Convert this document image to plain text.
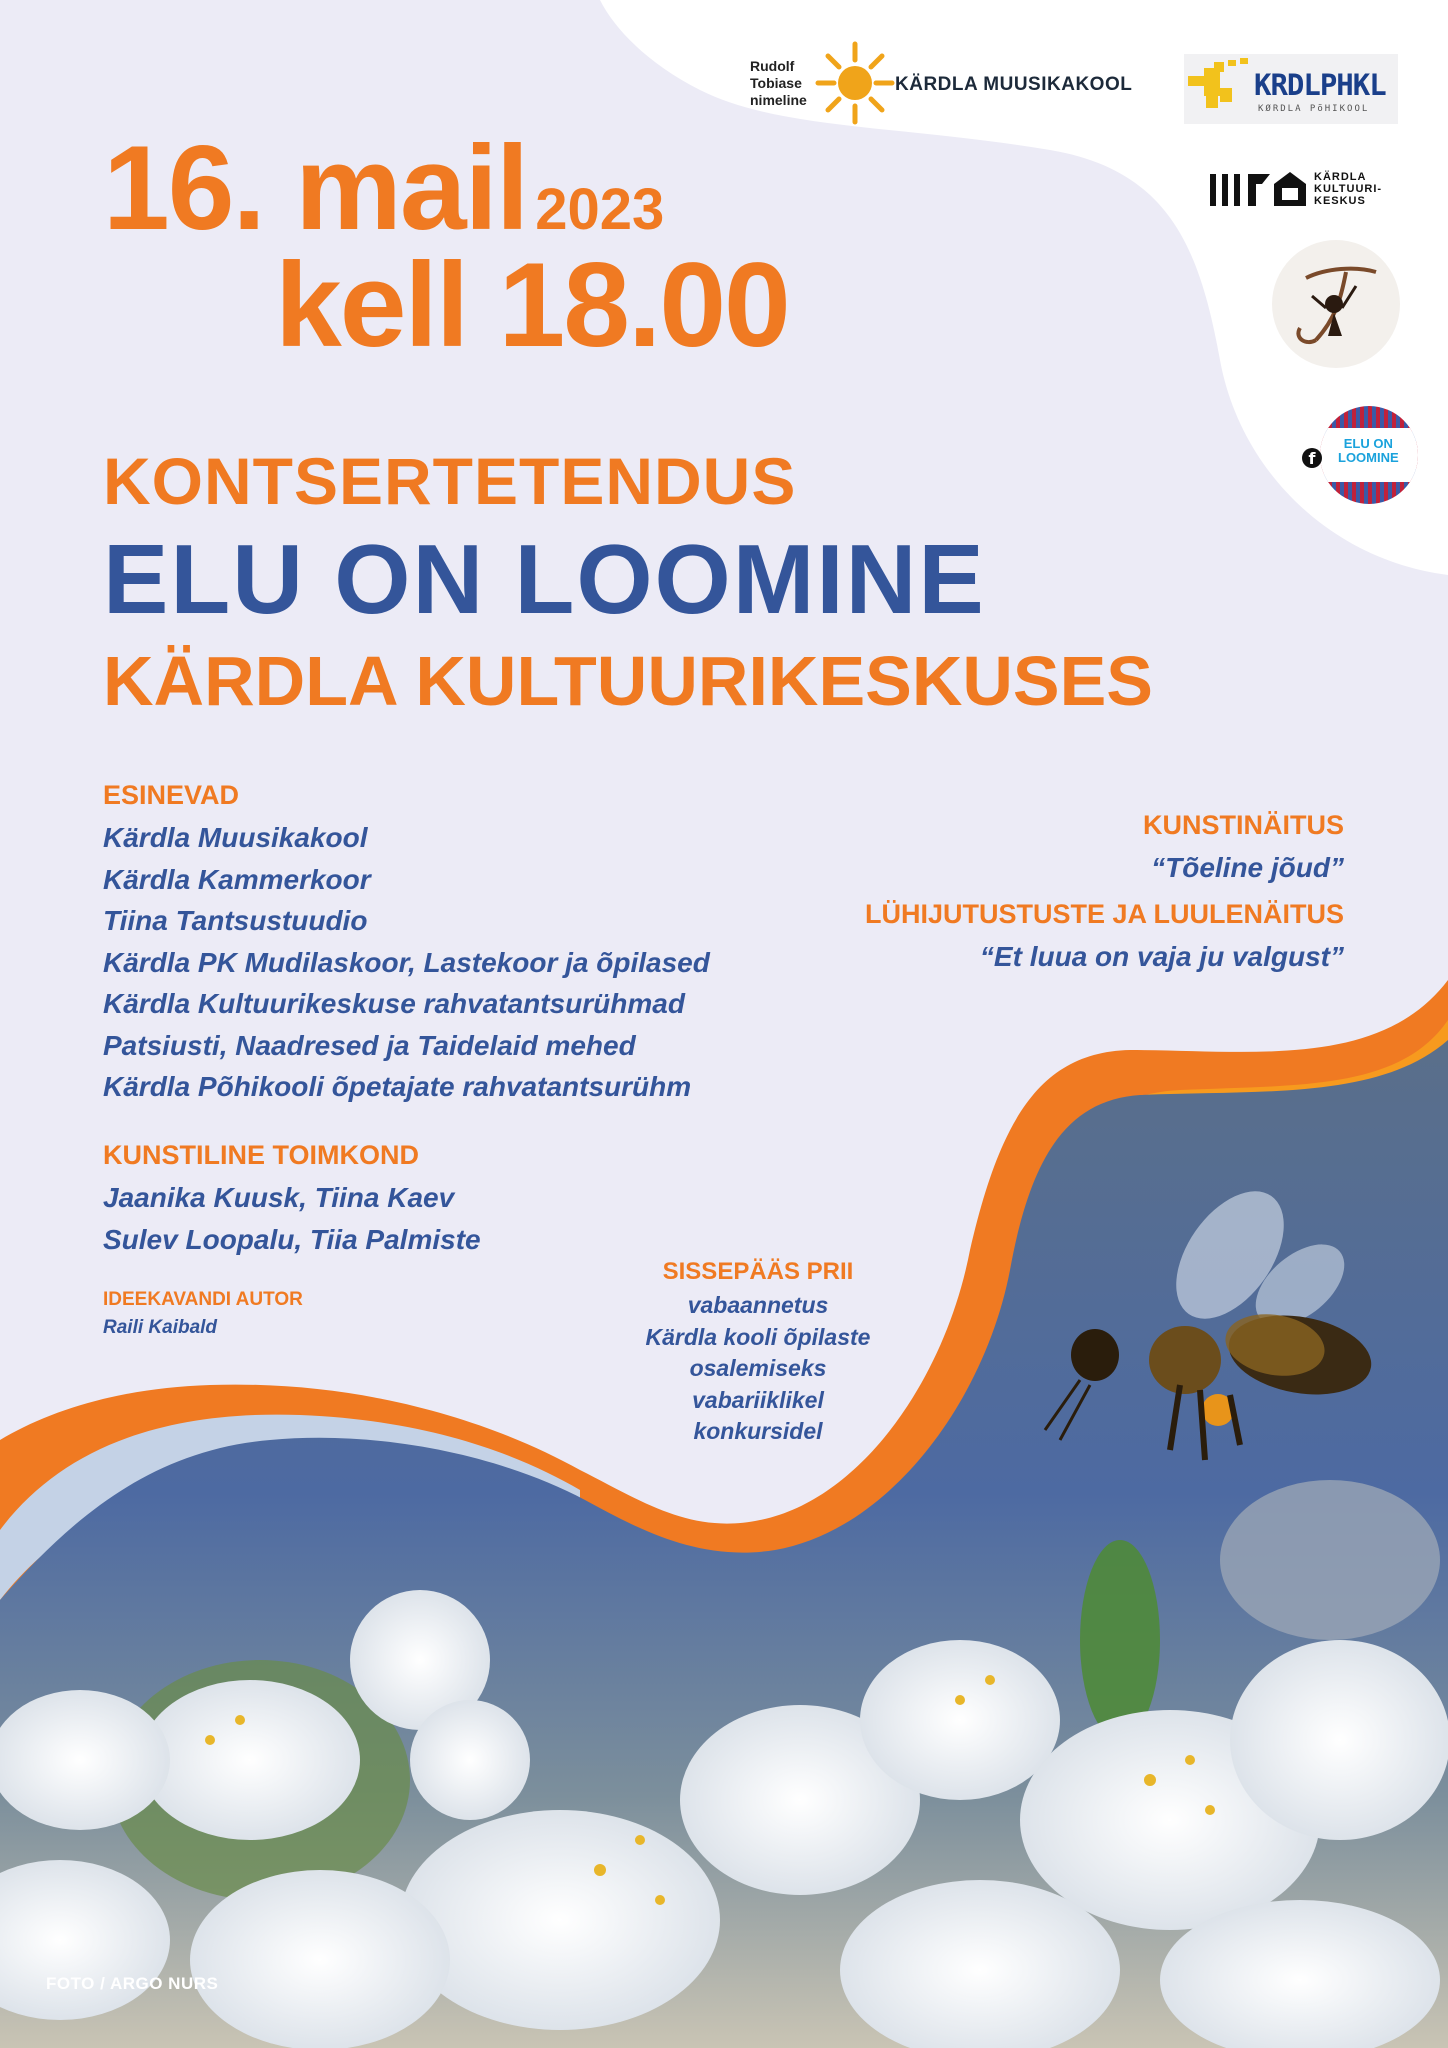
Rudolf
Tobiase
nimeline
KÄRDLA MUUSIKAKOOL	KRDLPHKL
KØRDLA PõHIKOOL
KÄRDLA
KULTUURI-
KESKUS
ELU ON
LOOMINE
f
16. mail 2023
kell 18.00
KONTSERTETENDUS
ELU ON LOOMINE
KÄRDLA KULTUURIKESKUSES
ESINEVAD
Kärdla Muusikakool
Kärdla Kammerkoor
Tiina Tantsustuudio
Kärdla PK Mudilaskoor, Lastekoor ja õpilased
Kärdla Kultuurikeskuse rahvatantsurühmad
Patsiusti, Naadresed ja Taidelaid mehed
Kärdla Põhikooli õpetajate rahvatantsurühm
KUNSTILINE TOIMKOND
Jaanika Kuusk, Tiina Kaev
Sulev Loopalu, Tiia Palmiste
IDEEKAVANDI AUTOR
Raili Kaibald
KUNSTINÄITUS
“Tõeline jõud”
LÜHIJUTUSTUSTE JA LUULENÄITUS
“Et luua on vaja ju valgust”
SISSEPÄÄS PRII
vabaannetus
Kärdla kooli õpilaste
osalemiseks
vabariiklikel
konkursidel
FOTO / ARGO NURS
